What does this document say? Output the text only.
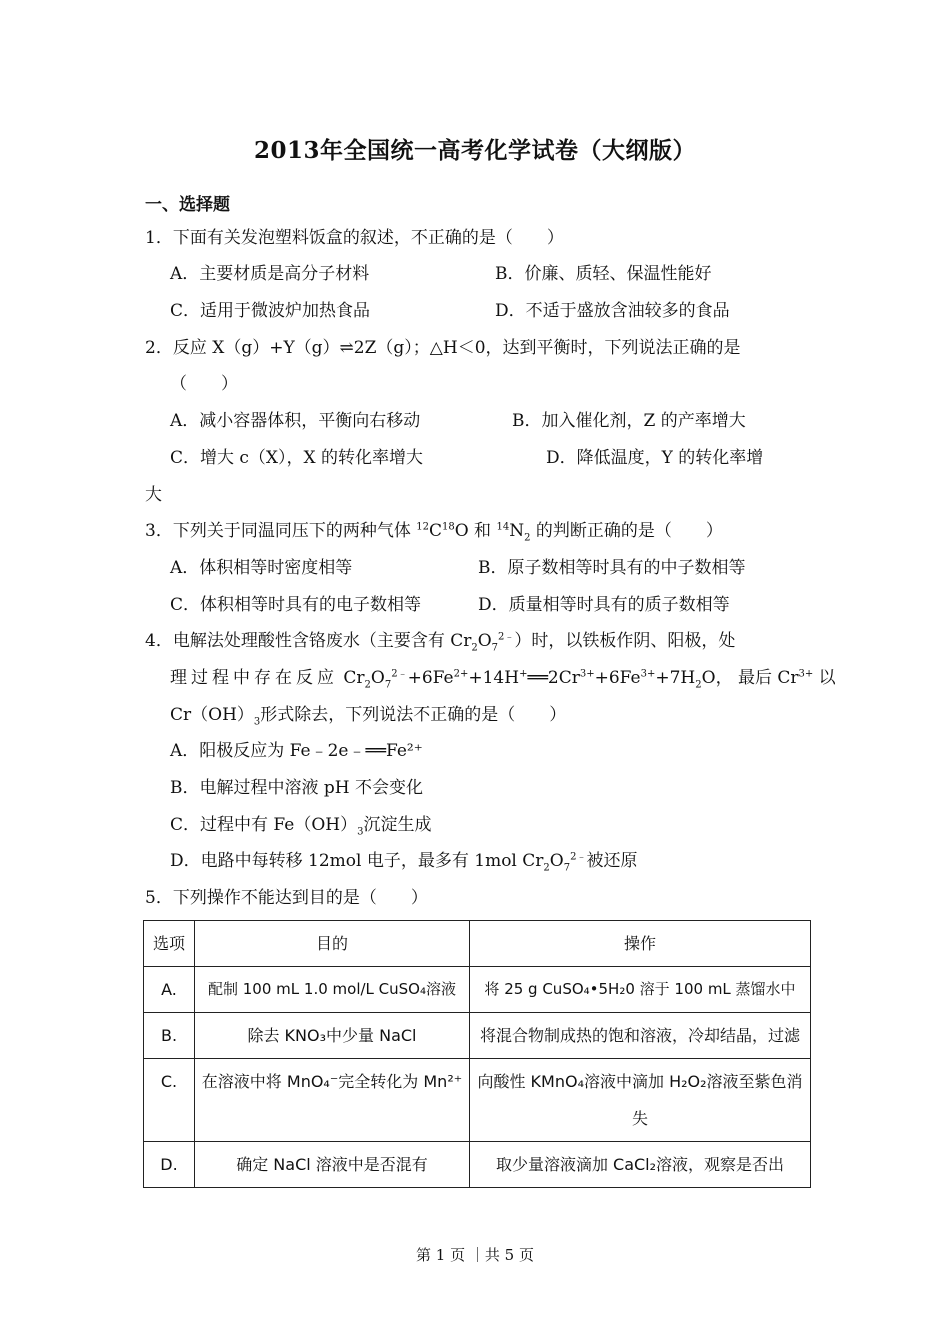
2013年全国统一高考化学试卷（大纲版）
一、选择题
1．下面有关发泡塑料饭盒的叙述，不正确的是（　　）
A．主要材质是高分子材料	B．价廉、质轻、保温性能好
C．适用于微波炉加热食品	D．不适于盛放含油较多的食品
2．反应 X（g）+Y（g）⇌2Z（g）；△H＜0，达到平衡时，下列说法正确的是
（　　）
A．减小容器体积，平衡向右移动	B．加入催化剂，Z 的产率增大
C．增大 c（X），X 的转化率增大	D．降低温度，Y 的转化率增
大
3．下列关于同温同压下的两种气体 $^{12}C^{18}O$ 和 $^{14}N_2$ 的判断正确的是（　　）
A．体积相等时密度相等	B．原子数相等时具有的中子数相等
C．体积相等时具有的电子数相等	D．质量相等时具有的质子数相等
4．电解法处理酸性含铬废水（主要含有 $Cr_2O_7^{2﹣}$）时，以铁板作阴、阳极，处
理过程中存在反应 $Cr_2O_7^{2﹣}+6Fe^{2+}+14H^+══2Cr^{3+}+6Fe^{3+}+7H_2O$， 最后 $Cr^{3+}$ 以
$Cr(OH)_3$形式除去，下列说法不正确的是（　　）
A．阳极反应为 Fe﹣2e﹣══Fe²⁺
B．电解过程中溶液 pH 不会变化
C．过程中有 $Fe(OH)_3$沉淀生成
D．电路中每转移 12mol 电子，最多有 1mol $Cr_2O_7^{2﹣}$被还原
5．下列操作不能达到目的是（　　）
选项	目的	操作
A.	配制 100 mL 1.0 mol/L CuSO₄溶液	将 25 g CuSO₄•5H₂0 溶于 100 mL 蒸馏水中
B.	除去 KNO₃中少量 NaCl	将混合物制成热的饱和溶液，冷却结晶，过滤
C.	在溶液中将 MnO₄⁻完全转化为 Mn²⁺	向酸性 KMnO₄溶液中滴加 H₂O₂溶液至紫色消失
D.	确定 NaCl 溶液中是否混有	取少量溶液滴加 CaCl₂溶液，观察是否出
第 1 页 ｜共 5 页
